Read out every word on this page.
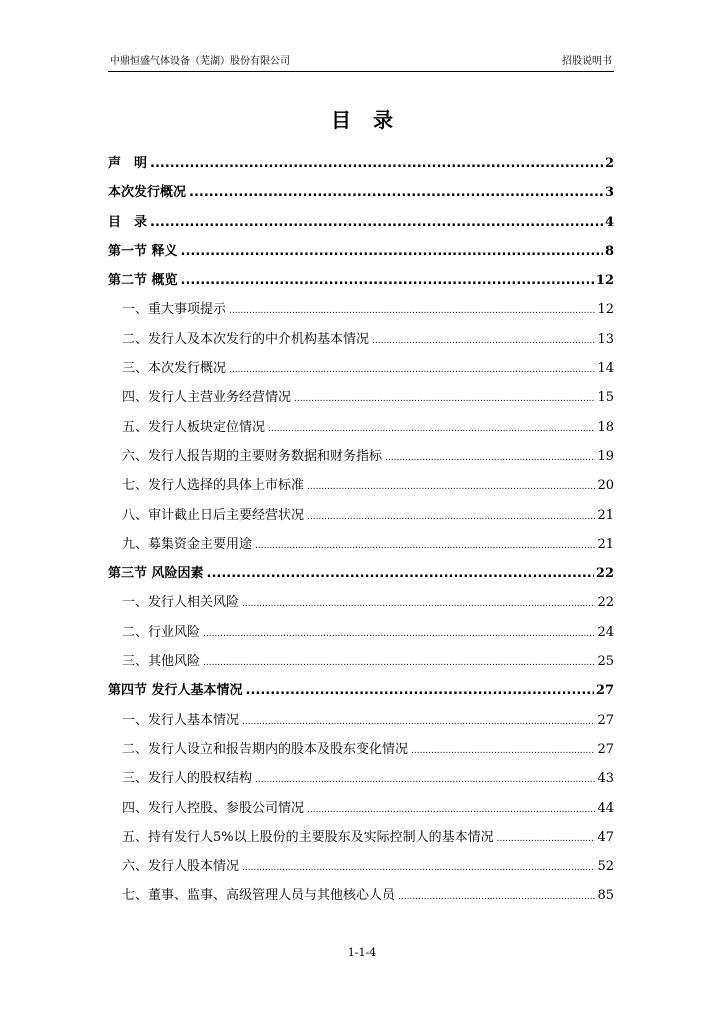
中鼎恒盛气体设备（芜湖）股份有限公司	招股说明书
目录
声　明 .....	2
本次发行概况 .....	3
目　录 .....	4
第一节 释义 .....	8
第二节 概览 .....	12
一、重大事项提示 .....	12
二、发行人及本次发行的中介机构基本情况 .....	13
三、本次发行概况 .....	14
四、发行人主营业务经营情况 .....	15
五、发行人板块定位情况 .....	18
六、发行人报告期的主要财务数据和财务指标 .....	19
七、发行人选择的具体上市标准 .....	20
八、审计截止日后主要经营状况 .....	21
九、募集资金主要用途 .....	21
第三节 风险因素 .....	22
一、发行人相关风险 .....	22
二、行业风险 .....	24
三、其他风险 .....	25
第四节 发行人基本情况 .....	27
一、发行人基本情况 .....	27
二、发行人设立和报告期内的股本及股东变化情况 .....	27
三、发行人的股权结构 .....	43
四、发行人控股、参股公司情况 .....	44
五、持有发行人5%以上股份的主要股东及实际控制人的基本情况 .....	47
六、发行人股本情况 .....	52
七、董事、监事、高级管理人员与其他核心人员 .....	85
1-1-4
